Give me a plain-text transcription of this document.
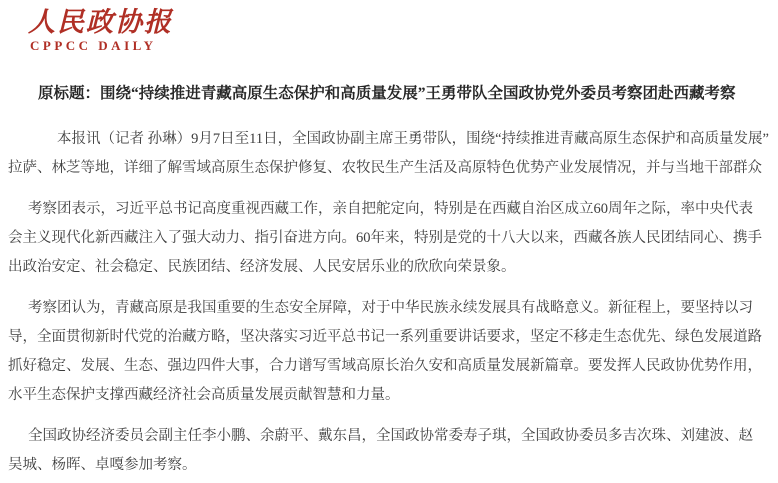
人民政协报
CPPCC DAILY
原标题：围绕“持续推进青藏高原生态保护和高质量发展”王勇带队全国政协党外委员考察团赴西藏考察
本报讯（记者 孙琳）9月7日至11日，全国政协副主席王勇带队，围绕“持续推进青藏高原生态保护和高质量发展”
拉萨、林芝等地，详细了解雪域高原生态保护修复、农牧民生产生活及高原特色优势产业发展情况，并与当地干部群众
考察团表示，习近平总书记高度重视西藏工作，亲自把舵定向，特别是在西藏自治区成立60周年之际，率中央代表
会主义现代化新西藏注入了强大动力、指引奋进方向。60年来，特别是党的十八大以来，西藏各族人民团结同心、携手
出政治安定、社会稳定、民族团结、经济发展、人民安居乐业的欣欣向荣景象。
考察团认为，青藏高原是我国重要的生态安全屏障，对于中华民族永续发展具有战略意义。新征程上，要坚持以习
导，全面贯彻新时代党的治藏方略，坚决落实习近平总书记一系列重要讲话要求，坚定不移走生态优先、绿色发展道路
抓好稳定、发展、生态、强边四件大事，合力谱写雪域高原长治久安和高质量发展新篇章。要发挥人民政协优势作用，
水平生态保护支撑西藏经济社会高质量发展贡献智慧和力量。
全国政协经济委员会副主任李小鹏、余蔚平、戴东昌，全国政协常委寿子琪，全国政协委员多吉次珠、刘建波、赵
吴城、杨晖、卓嘎参加考察。
